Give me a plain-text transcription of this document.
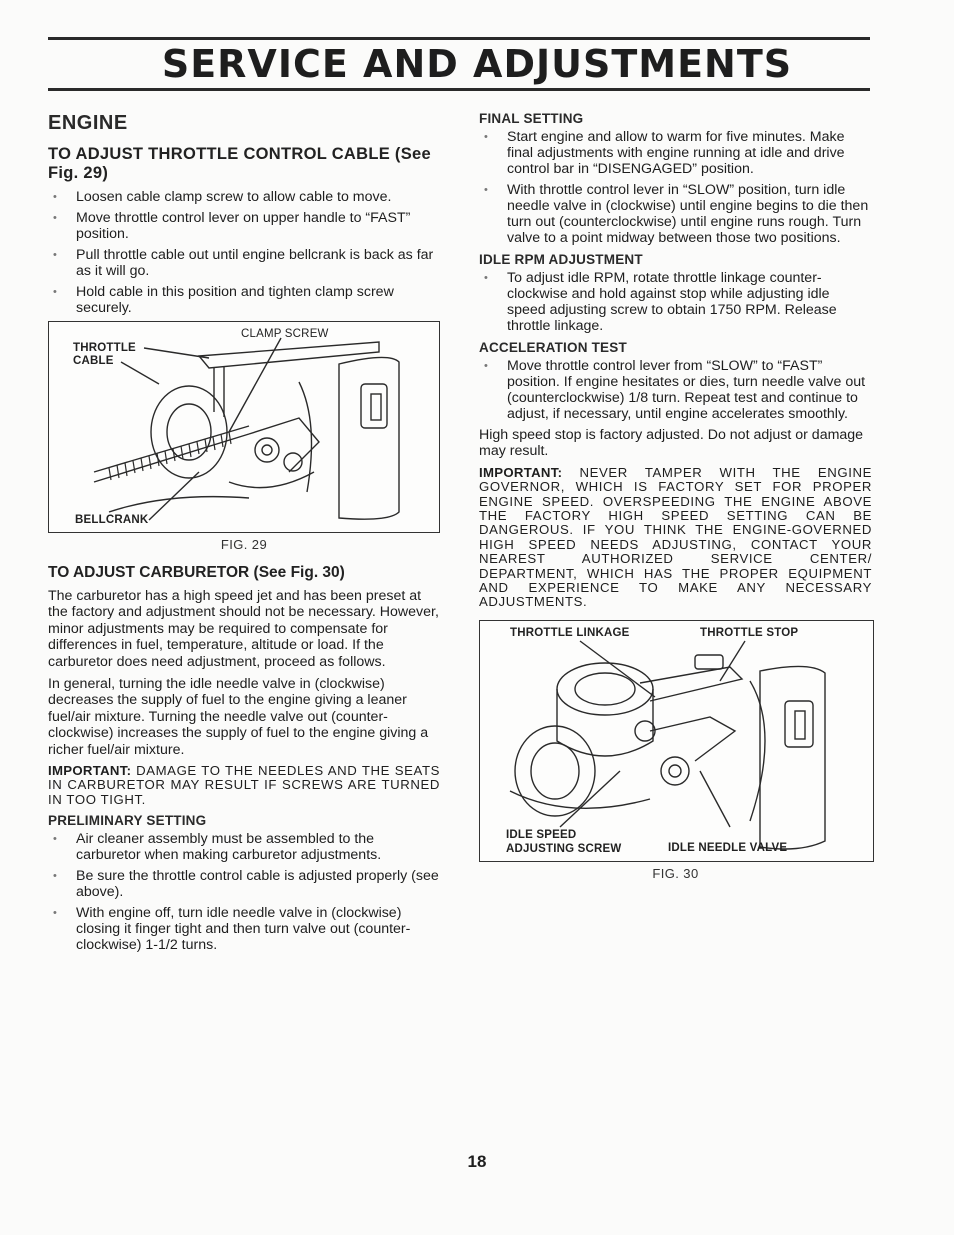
SERVICE AND ADJUSTMENTS
ENGINE
TO ADJUST THROTTLE CONTROL CABLE (See Fig. 29)
• Loosen cable clamp screw to allow cable to move.
• Move throttle control lever on upper handle to “FAST” position.
• Pull throttle cable out until engine bellcrank is back as far as it will go.
• Hold cable in this position and tighten clamp screw securely.
CLAMP SCREW
THROTTLE
CABLE
BELLCRANK
FIG. 29
TO ADJUST CARBURETOR (See Fig. 30)

The carburetor has a high speed jet and has been preset at the factory and adjustment should not be necessary. However, minor adjustments may be required to compensate for differences in fuel, temperature, altitude or load. If the carburetor does need adjustment, proceed as follows.

In general, turning the idle needle valve in (clockwise) decreases the supply of fuel to the engine giving a leaner fuel/air mixture. Turning the needle valve out (counter-clockwise) increases the supply of fuel to the engine giving a richer fuel/air mixture.

IMPORTANT: DAMAGE TO THE NEEDLES AND THE SEATS IN CARBURETOR MAY RESULT IF SCREWS ARE TURNED IN TOO TIGHT.

PRELIMINARY SETTING
• Air cleaner assembly must be assembled to the carburetor when making carburetor adjustments.
• Be sure the throttle control cable is adjusted properly (see above).
• With engine off, turn idle needle valve in (clockwise) closing it finger tight and then turn valve out (counter-clockwise) 1-1/2 turns.
FINAL SETTING
• Start engine and allow to warm for five minutes. Make final adjustments with engine running at idle and drive control bar in “DISENGAGED” position.
• With throttle control lever in “SLOW” position, turn idle needle valve in (clockwise) until engine begins to die then turn out (counterclockwise) until engine runs rough. Turn valve to a point midway between those two positions.
IDLE RPM ADJUSTMENT
• To adjust idle RPM, rotate throttle linkage counter-clockwise and hold against stop while adjusting idle speed adjusting screw to obtain 1750 RPM. Release throttle linkage.
ACCELERATION TEST
• Move throttle control lever from “SLOW” to “FAST” position. If engine hesitates or dies, turn needle valve out (counterclockwise) 1/8 turn. Repeat test and continue to adjust, if necessary, until engine accelerates smoothly.

High speed stop is factory adjusted. Do not adjust or damage may result.

IMPORTANT: NEVER TAMPER WITH THE ENGINE GOVERNOR, WHICH IS FACTORY SET FOR PROPER ENGINE SPEED. OVERSPEEDING THE ENGINE ABOVE THE FACTORY HIGH SPEED SETTING CAN BE DANGEROUS. IF YOU THINK THE ENGINE-GOVERNED HIGH SPEED NEEDS ADJUSTING, CONTACT YOUR NEAREST AUTHORIZED SERVICE CENTER/ DEPARTMENT, WHICH HAS THE PROPER EQUIPMENT AND EXPERIENCE TO MAKE ANY NECESSARY ADJUSTMENTS.

THROTTLE LINKAGE	THROTTLE STOP
IDLE SPEED
ADJUSTING SCREW	IDLE NEEDLE VALVE
FIG. 30
18
